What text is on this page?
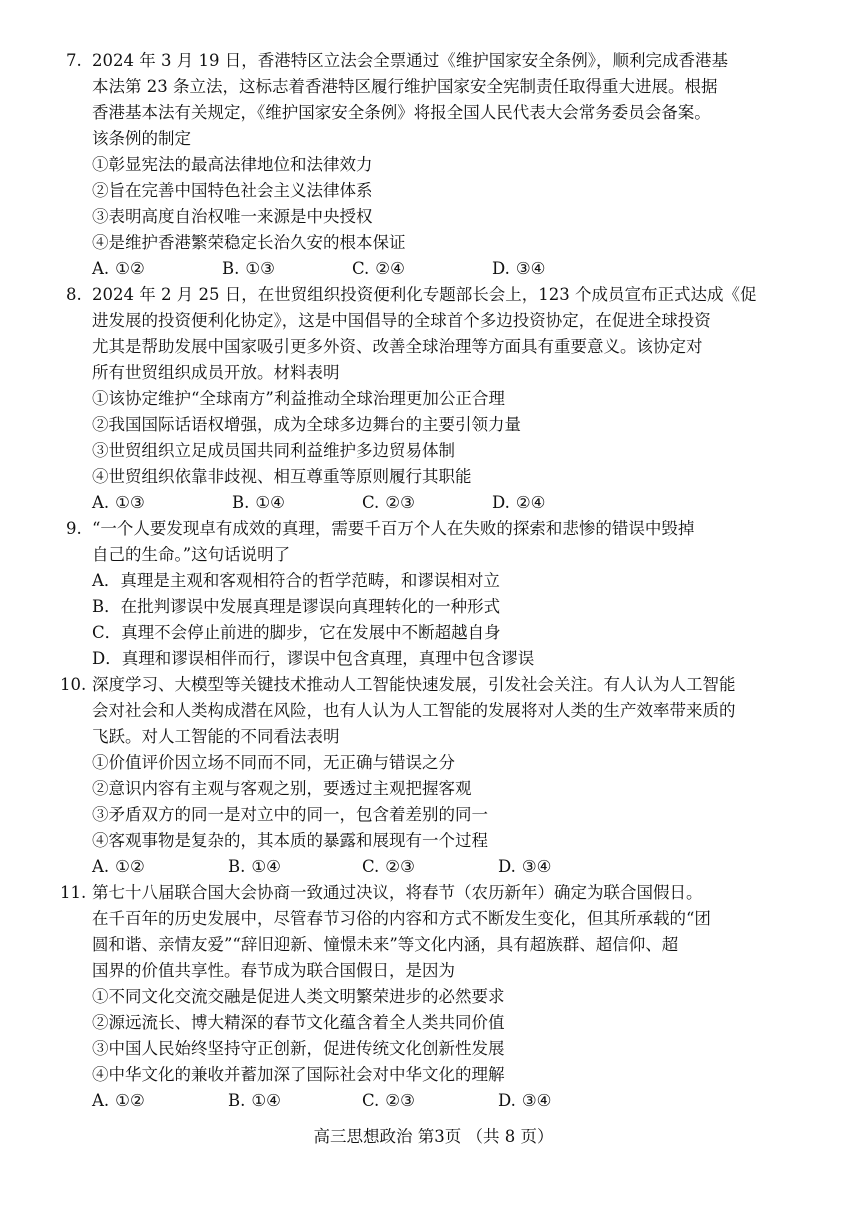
7. 2024 年 3 月 19 日，香港特区立法会全票通过《维护国家安全条例》，顺利完成香港基
本法第 23 条立法，这标志着香港特区履行维护国家安全宪制责任取得重大进展。根据
香港基本法有关规定，《维护国家安全条例》将报全国人民代表大会常务委员会备案。
该条例的制定
①彰显宪法的最高法律地位和法律效力
②旨在完善中国特色社会主义法律体系
③表明高度自治权唯一来源是中央授权
④是维护香港繁荣稳定长治久安的根本保证
A. ①②	B. ①③	C. ②④	D. ③④
8. 2024 年 2 月 25 日，在世贸组织投资便利化专题部长会上，123 个成员宣布正式达成《促
进发展的投资便利化协定》，这是中国倡导的全球首个多边投资协定，在促进全球投资
尤其是帮助发展中国家吸引更多外资、改善全球治理等方面具有重要意义。该协定对
所有世贸组织成员开放。材料表明
①该协定维护“全球南方”利益推动全球治理更加公正合理
②我国国际话语权增强，成为全球多边舞台的主要引领力量
③世贸组织立足成员国共同利益维护多边贸易体制
④世贸组织依靠非歧视、相互尊重等原则履行其职能
A. ①③	B. ①④	C. ②③	D. ②④
9. “一个人要发现卓有成效的真理，需要千百万个人在失败的探索和悲惨的错误中毁掉
自己的生命。”这句话说明了
A．真理是主观和客观相符合的哲学范畴，和谬误相对立
B．在批判谬误中发展真理是谬误向真理转化的一种形式
C．真理不会停止前进的脚步，它在发展中不断超越自身
D．真理和谬误相伴而行，谬误中包含真理，真理中包含谬误
10. 深度学习、大模型等关键技术推动人工智能快速发展，引发社会关注。有人认为人工智能
会对社会和人类构成潜在风险，也有人认为人工智能的发展将对人类的生产效率带来质的
飞跃。对人工智能的不同看法表明
①价值评价因立场不同而不同，无正确与错误之分
②意识内容有主观与客观之别，要透过主观把握客观
③矛盾双方的同一是对立中的同一，包含着差别的同一
④客观事物是复杂的，其本质的暴露和展现有一个过程
A. ①②	B. ①④	C. ②③	D. ③④
11. 第七十八届联合国大会协商一致通过决议，将春节（农历新年）确定为联合国假日。
在千百年的历史发展中，尽管春节习俗的内容和方式不断发生变化，但其所承载的“团
圆和谐、亲情友爱”“辞旧迎新、憧憬未来”等文化内涵，具有超族群、超信仰、超
国界的价值共享性。春节成为联合国假日，是因为
①不同文化交流交融是促进人类文明繁荣进步的必然要求
②源远流长、博大精深的春节文化蕴含着全人类共同价值
③中国人民始终坚持守正创新，促进传统文化创新性发展
④中华文化的兼收并蓄加深了国际社会对中华文化的理解
A. ①②	B. ①④	C. ②③	D. ③④
高三思想政治 第3页 （共 8 页）
